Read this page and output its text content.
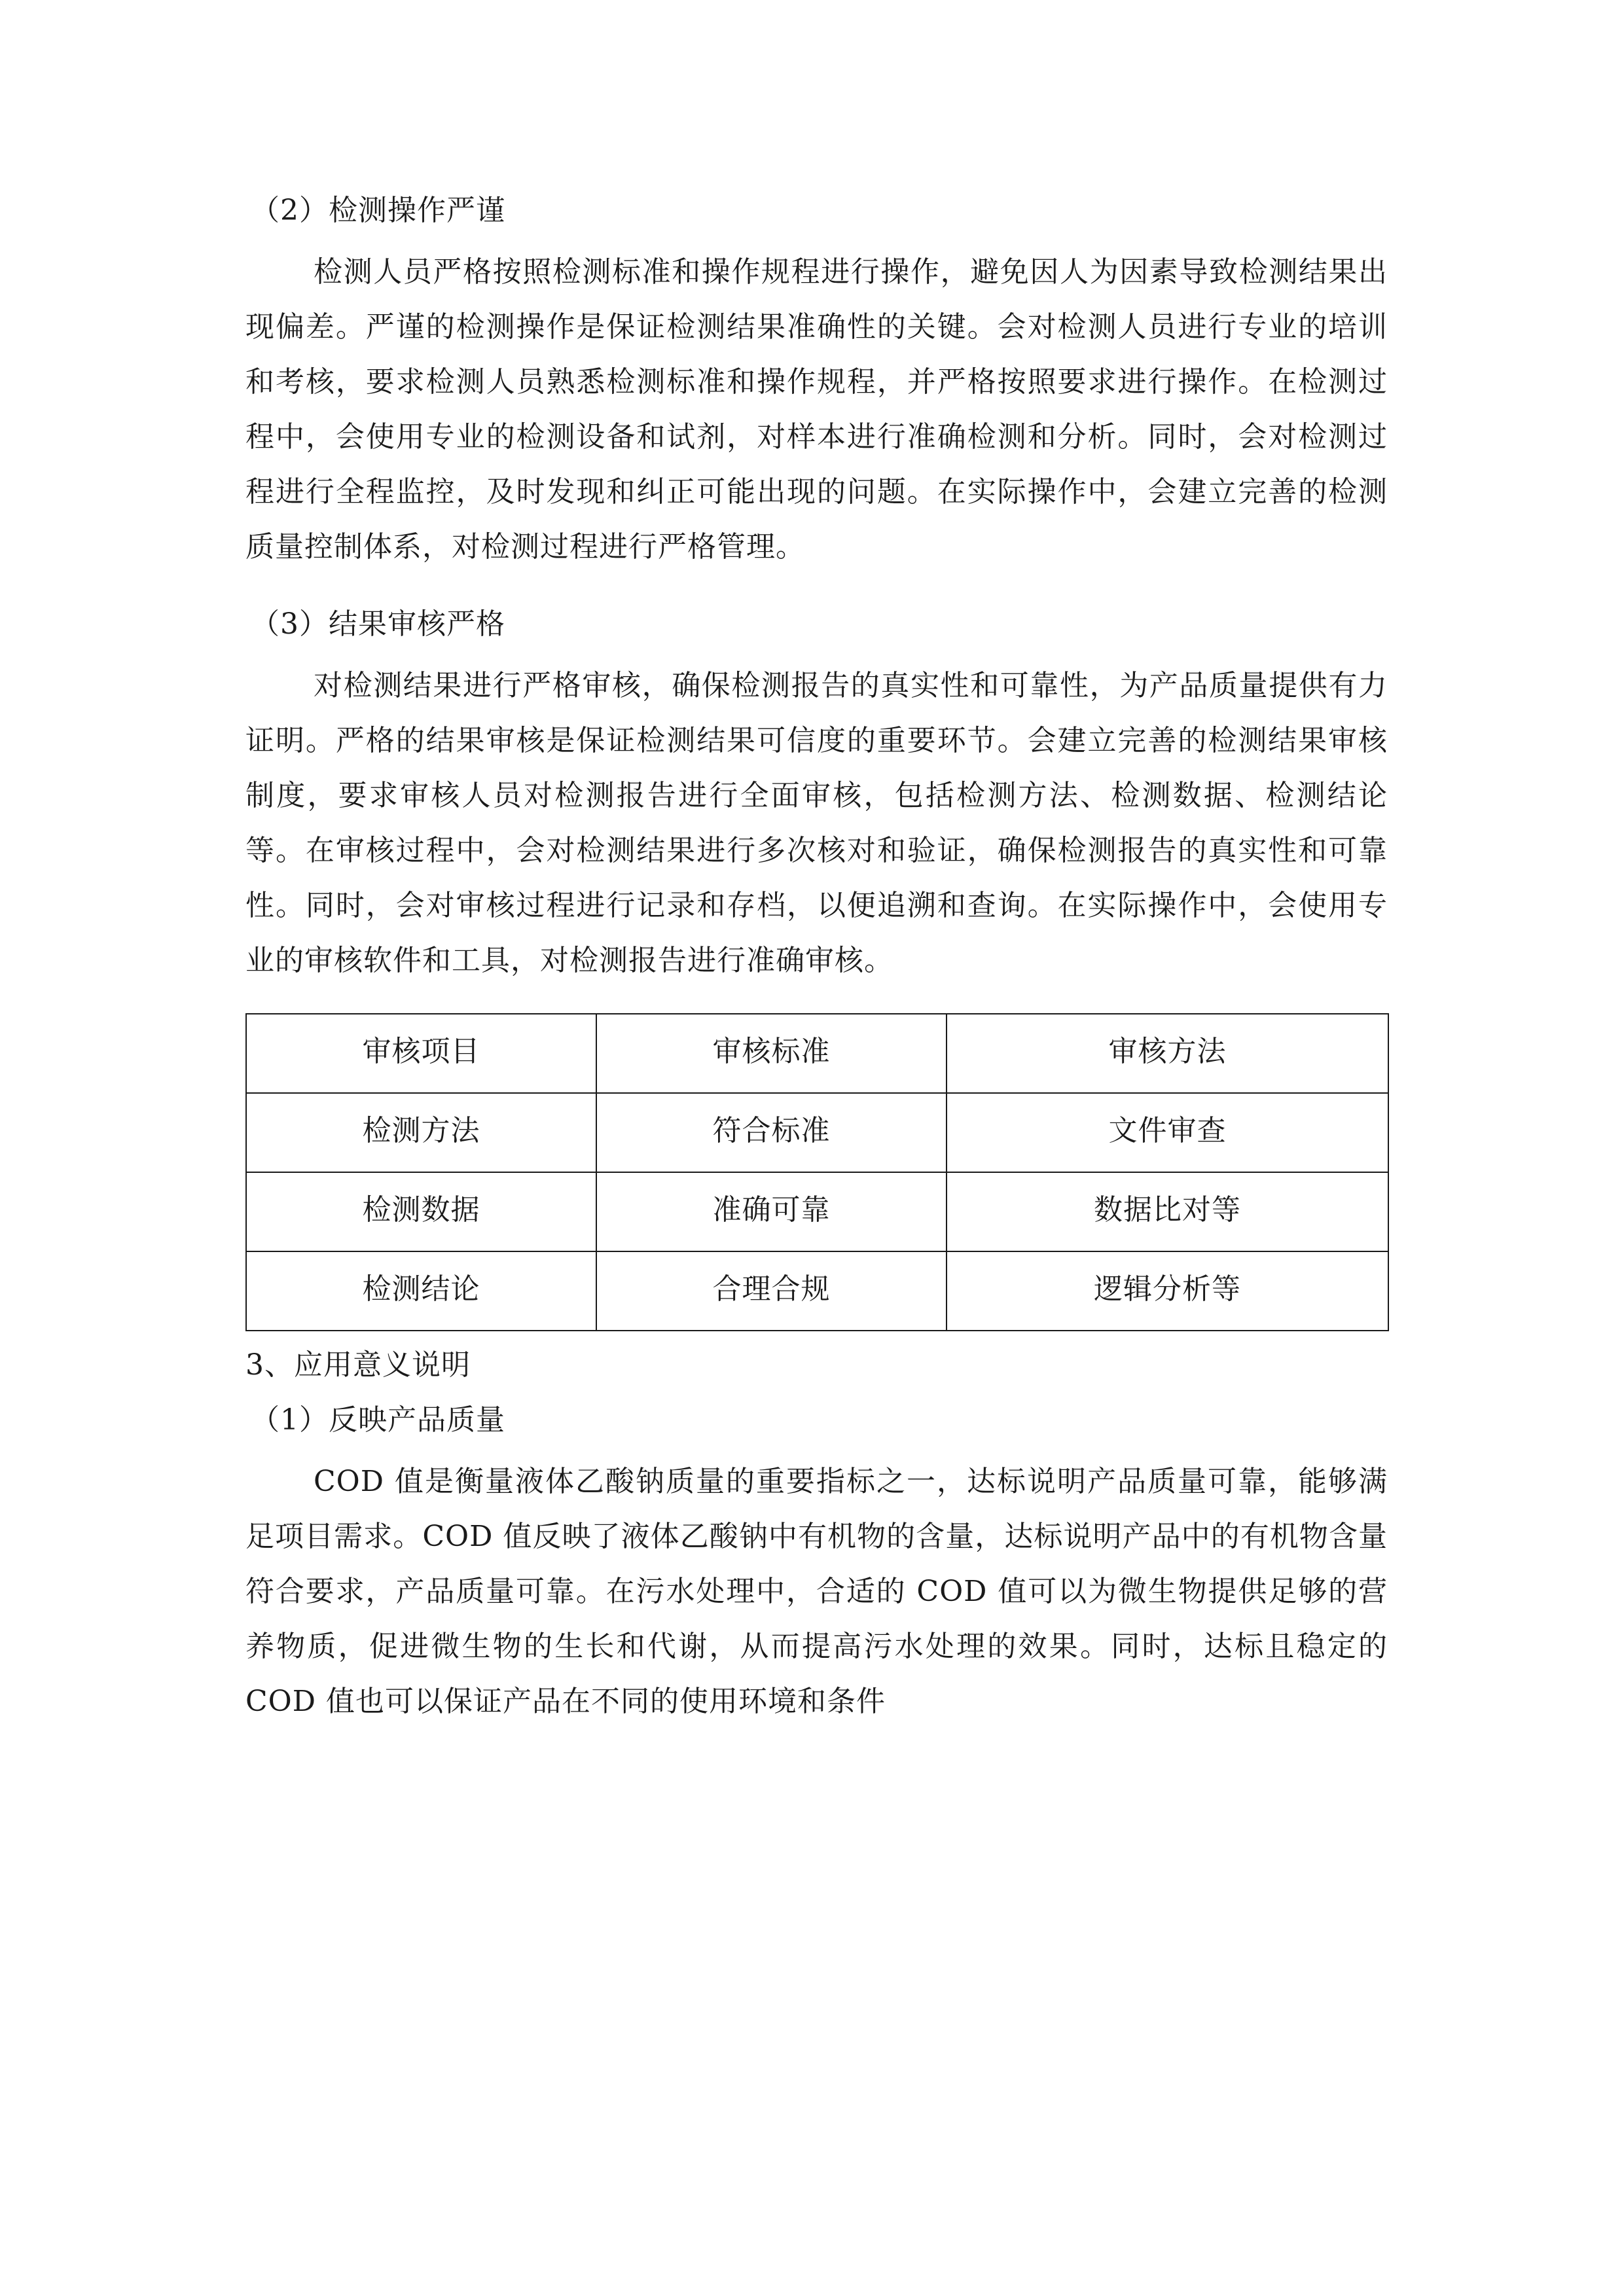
（2）检测操作严谨

检测人员严格按照检测标准和操作规程进行操作，避免因人为因素导致检测结果出现偏差。严谨的检测操作是保证检测结果准确性的关键。会对检测人员进行专业的培训和考核，要求检测人员熟悉检测标准和操作规程，并严格按照要求进行操作。在检测过程中，会使用专业的检测设备和试剂，对样本进行准确检测和分析。同时，会对检测过程进行全程监控，及时发现和纠正可能出现的问题。在实际操作中，会建立完善的检测质量控制体系，对检测过程进行严格管理。

（3）结果审核严格

对检测结果进行严格审核，确保检测报告的真实性和可靠性，为产品质量提供有力证明。严格的结果审核是保证检测结果可信度的重要环节。会建立完善的检测结果审核制度，要求审核人员对检测报告进行全面审核，包括检测方法、检测数据、检测结论等。在审核过程中，会对检测结果进行多次核对和验证，确保检测报告的真实性和可靠性。同时，会对审核过程进行记录和存档，以便追溯和查询。在实际操作中，会使用专业的审核软件和工具，对检测报告进行准确审核。

审核项目	审核标准	审核方法
检测方法	符合标准	文件审查
检测数据	准确可靠	数据比对等
检测结论	合理合规	逻辑分析等

3、应用意义说明

（1）反映产品质量

COD 值是衡量液体乙酸钠质量的重要指标之一，达标说明产品质量可靠，能够满足项目需求。COD 值反映了液体乙酸钠中有机物的含量，达标说明产品中的有机物含量符合要求，产品质量可靠。在污水处理中，合适的 COD 值可以为微生物提供足够的营养物质，促进微生物的生长和代谢，从而提高污水处理的效果。同时，达标且稳定的 COD 值也可以保证产品在不同的使用环境和条件
